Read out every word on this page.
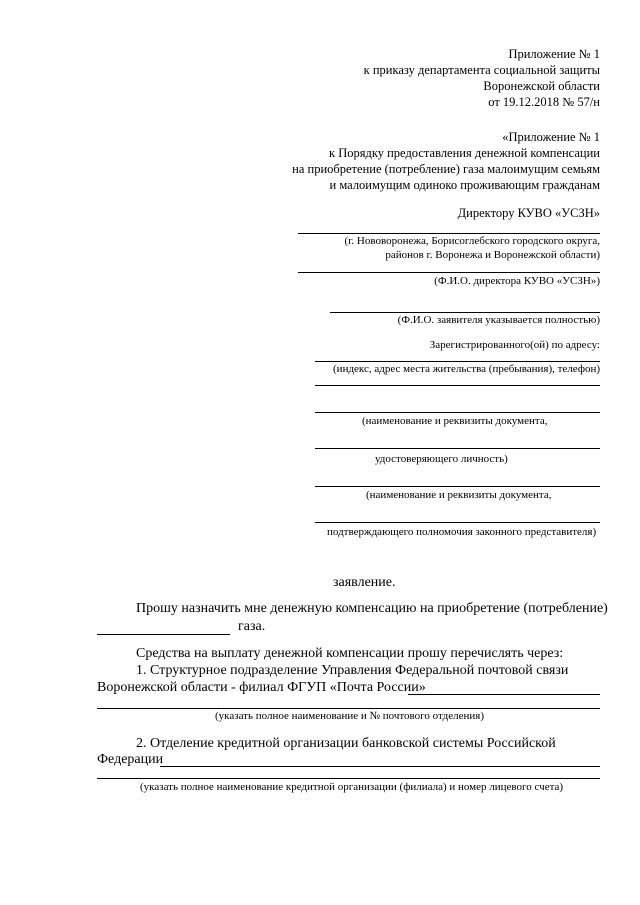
Приложение № 1
к приказу департамента социальной защиты
Воронежской области
от 19.12.2018 № 57/н
«Приложение № 1
к Порядку предоставления денежной компенсации
на приобретение (потребление) газа малоимущим семьям
и малоимущим одиноко проживающим гражданам
Директору КУВО «УСЗН»
(г. Нововоронежа, Борисоглебского городского округа,
районов г. Воронежа и Воронежской области)
(Ф.И.О. директора КУВО «УСЗН»)
(Ф.И.О. заявителя указывается полностью)
Зарегистрированного(ой) по адресу:
(индекс, адрес места жительства (пребывания), телефон)
(наименование и реквизиты документа,
удостоверяющего личность)
(наименование и реквизиты документа,
подтверждающего полномочия законного представителя)
заявление.
Прошу назначить мне денежную компенсацию на приобретение (потребление)
газа.
Средства на выплату денежной компенсации прошу перечислять через:
1. Структурное подразделение Управления Федеральной почтовой связи
Воронежской области - филиал ФГУП «Почта России»
(указать полное наименование и № почтового отделения)
2. Отделение кредитной организации банковской системы Российской
Федерации
(указать полное наименование кредитной организации (филиала) и номер лицевого счета)
